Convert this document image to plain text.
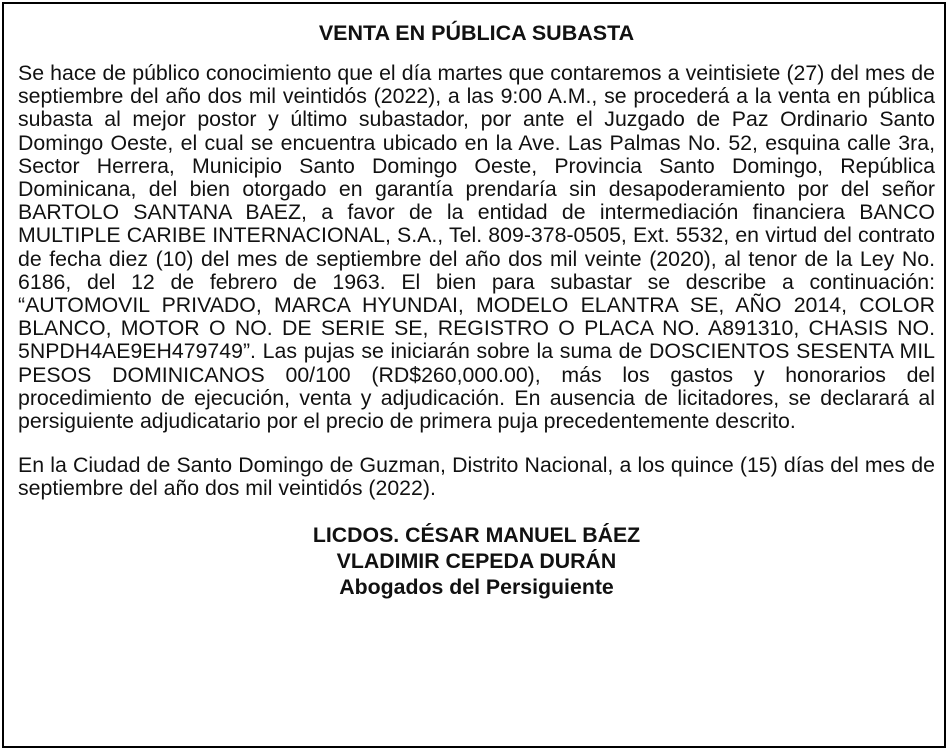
VENTA EN PÚBLICA SUBASTA

Se hace de público conocimiento que el día martes que contaremos a veintisiete (27) del mes de septiembre del año dos mil veintidós (2022), a las 9:00 A.M., se procederá a la venta en pública subasta al mejor postor y último subastador, por ante el Juzgado de Paz Ordinario Santo Domingo Oeste, el cual se encuentra ubicado en la Ave. Las Palmas No. 52, esquina calle 3ra, Sector Herrera, Municipio Santo Domingo Oeste, Provincia Santo Domingo, República Dominicana, del bien otorgado en garantía prendaría sin desapoderamiento por del señor BARTOLO SANTANA BAEZ, a favor de la entidad de intermediación financiera BANCO MULTIPLE CARIBE INTERNACIONAL, S.A., Tel. 809-378-0505, Ext. 5532, en virtud del contrato de fecha diez (10) del mes de septiembre del año dos mil veinte (2020), al tenor de la Ley No. 6186, del 12 de febrero de 1963. El bien para subastar se describe a continuación: “AUTOMOVIL PRIVADO, MARCA HYUNDAI, MODELO ELANTRA SE, AÑO 2014, COLOR BLANCO, MOTOR O NO. DE SERIE SE, REGISTRO O PLACA NO. A891310, CHASIS NO. 5NPDH4AE9EH479749”. Las pujas se iniciarán sobre la suma de DOSCIENTOS SESENTA MIL PESOS DOMINICANOS 00/100 (RD$260,000.00), más los gastos y honorarios del procedimiento de ejecución, venta y adjudicación. En ausencia de licitadores, se declarará al persiguiente adjudicatario por el precio de primera puja precedentemente descrito.

En la Ciudad de Santo Domingo de Guzman, Distrito Nacional, a los quince (15) días del mes de septiembre del año dos mil veintidós (2022).

LICDOS. CÉSAR MANUEL BÁEZ
VLADIMIR CEPEDA DURÁN
Abogados del Persiguiente
